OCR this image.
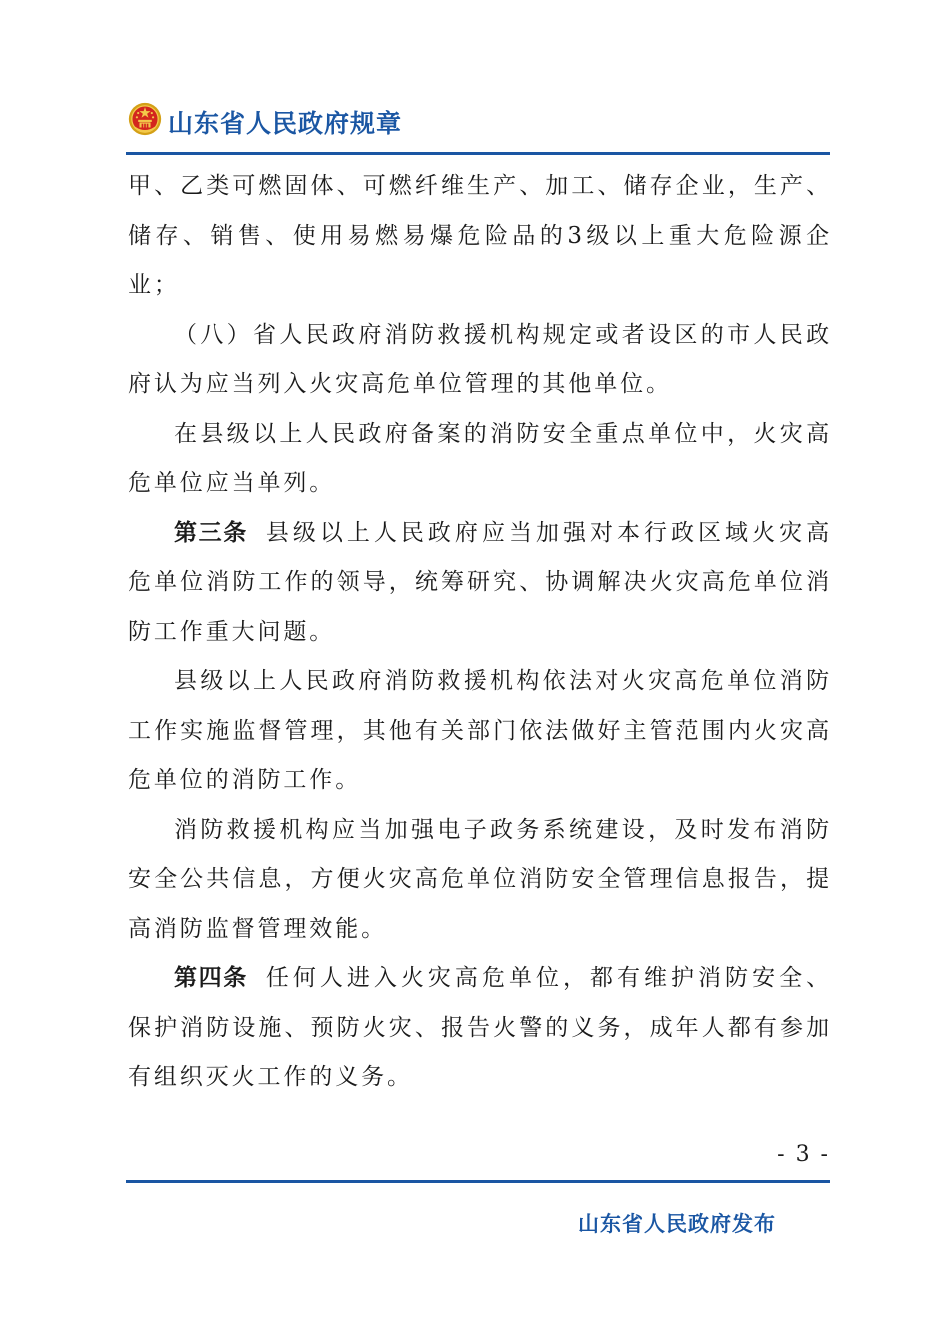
山东省人民政府规章

甲、乙类可燃固体、可燃纤维生产、加工、储存企业，生产、储存、销售、使用易燃易爆危险品的3级以上重大危险源企业；

（八）省人民政府消防救援机构规定或者设区的市人民政府认为应当列入火灾高危单位管理的其他单位。

在县级以上人民政府备案的消防安全重点单位中，火灾高危单位应当单列。

第三条 县级以上人民政府应当加强对本行政区域火灾高危单位消防工作的领导，统筹研究、协调解决火灾高危单位消防工作重大问题。

县级以上人民政府消防救援机构依法对火灾高危单位消防工作实施监督管理，其他有关部门依法做好主管范围内火灾高危单位的消防工作。

消防救援机构应当加强电子政务系统建设，及时发布消防安全公共信息，方便火灾高危单位消防安全管理信息报告，提高消防监督管理效能。

第四条 任何人进入火灾高危单位，都有维护消防安全、保护消防设施、预防火灾、报告火警的义务，成年人都有参加有组织灭火工作的义务。

- 3 -
山东省人民政府发布
